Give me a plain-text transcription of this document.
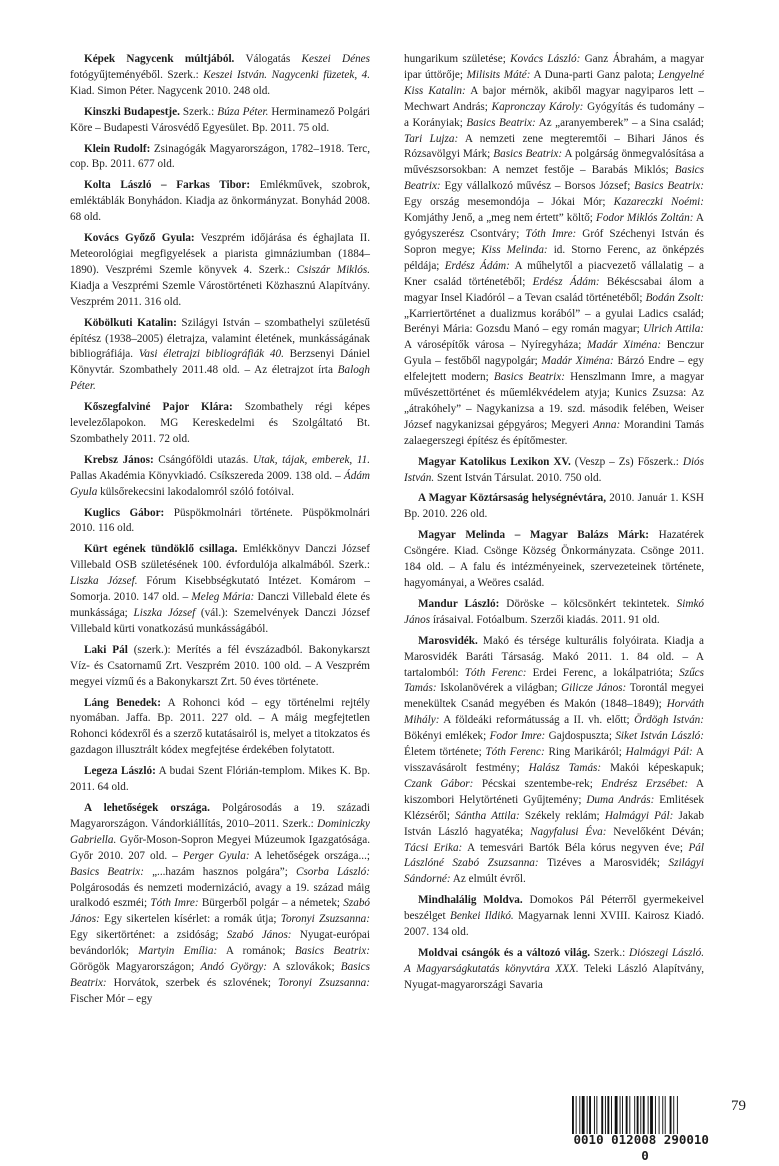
Képek Nagycenk múltjából. Válogatás Keszei Dénes fotógyűjteményéből. Szerk.: Keszei István. Nagycenki füzetek, 4. Kiad. Simon Péter. Nagycenk 2010. 248 old.

Kinszki Budapestje. Szerk.: Búza Péter. Herminamező Polgári Köre – Budapesti Városvédő Egyesület. Bp. 2011. 75 old.

Klein Rudolf: Zsinagógák Magyarországon, 1782–1918. Terc, cop. Bp. 2011. 677 old.

Kolta László – Farkas Tibor: Emlékművek, szobrok, emléktáblák Bonyhádon. Kiadja az önkormányzat. Bonyhád 2008. 68 old.

Kovács Győző Gyula: Veszprém időjárása és éghajlata II. Meteorológiai megfigyelések a piarista gimnáziumban (1884–1890). Veszprémi Szemle könyvek 4. Szerk.: Csiszár Miklós. Kiadja a Veszprémi Szemle Várostörténeti Közhasznú Alapítvány. Veszprém 2011. 316 old.

Köbölkuti Katalin: Szilágyi István – szombathelyi születésű építész (1938–2005) életrajza, valamint életének, munkásságának bibliográfiája. Vasi életrajzi bibliográfiák 40. Berzsenyi Dániel Könyvtár. Szombathely 2011.48 old. – Az életrajzot írta Balogh Péter.

Kőszegfalviné Pajor Klára: Szombathely régi képes levelezőlapokon. MG Kereskedelmi és Szolgáltató Bt. Szombathely 2011. 72 old.

Krebsz János: Csángóföldi utazás. Utak, tájak, emberek, 11. Pallas Akadémia Könyvkiadó. Csíkszereda 2009. 138 old. – Ádám Gyula külsőrekecsini lakodalomról szóló fotóival.

Kuglics Gábor: Püspökmolnári története. Püspökmolnári 2010. 116 old.

Kürt egének tündöklő csillaga. Emlékkönyv Danczi József Villebald OSB születésének 100. évfordulója alkalmából. Szerk.: Liszka József. Fórum Kisebbségkutató Intézet. Komárom – Somorja. 2010. 147 old. – Meleg Mária: Danczi Villebald élete és munkássága; Liszka József (vál.): Szemelvények Danczi József Villebald kürti vonatkozású munkásságából.

Laki Pál (szerk.): Merítés a fél évszázadból. Bakonykarszt Víz- és Csatornamű Zrt. Veszprém 2010. 100 old. – A Veszprém megyei vízmű és a Bakonykarszt Zrt. 50 éves története.

Láng Benedek: A Rohonci kód – egy történelmi rejtély nyomában. Jaffa. Bp. 2011. 227 old. – A máig megfejtetlen Rohonci kódexről és a szerző kutatásairól is, melyet a titokzatos és gazdagon illusztrált kódex megfejtése érdekében folytatott.

Legeza László: A budai Szent Flórián-templom. Mikes K. Bp. 2011. 64 old.

A lehetőségek országa. Polgárosodás a 19. századi Magyarországon. Vándorkiállítás, 2010–2011. Szerk.: Dominiczky Gabriella. Győr-Moson-Sopron Megyei Múzeumok Igazgatósága. Győr 2010. 207 old. – Perger Gyula: A lehetőségek országa...; Basics Beatrix: „...hazám hasznos polgára”; Csorba László: Polgárosodás és nemzeti modernizáció, avagy a 19. század máig uralkodó eszméi; Tóth Imre: Bürgerből polgár – a németek; Szabó János: Egy sikertelen kísérlet: a romák útja; Toronyi Zsuzsanna: Egy sikertörténet: a zsidóság; Szabó János: Nyugat-európai bevándorlók; Martyin Emília: A románok; Basics Beatrix: Görögök Magyarországon; Andó György: A szlovákok; Basics Beatrix: Horvátok, szerbek és szlovének; Toronyi Zsuzsanna: Fischer Mór – egy

hungarikum születése; Kovács László: Ganz Ábrahám, a magyar ipar úttörője; Milisits Máté: A Duna-parti Ganz palota; Lengyelné Kiss Katalin: A bajor mérnök, akiből magyar nagyiparos lett – Mechwart András; Kapronczay Károly: Gyógyítás és tudomány – a Korányiak; Basics Beatrix: Az „aranyemberek” – a Sina család; Tari Lujza: A nemzeti zene megteremtői – Bihari János és Rózsavölgyi Márk; Basics Beatrix: A polgárság önmegvalósítása a művészsorsokban: A nemzet festője – Barabás Miklós; Basics Beatrix: Egy vállalkozó művész – Borsos József; Basics Beatrix: Egy ország mesemondója – Jókai Mór; Kazareczki Noémi: Komjáthy Jenő, a „meg nem értett” költő; Fodor Miklós Zoltán: A gyógyszerész Csontváry; Tóth Imre: Gróf Széchenyi István és Sopron megye; Kiss Melinda: id. Storno Ferenc, az önképzés példája; Erdész Ádám: A műhelytől a piacvezető vállalatig – a Kner család történetéből; Erdész Ádám: Békéscsabai álom a magyar Insel Kiadóról – a Tevan család történetéből; Bodán Zsolt: „Karriertörténet a dualizmus korából” – a gyulai Ladics család; Berényi Mária: Gozsdu Manó – egy román magyar; Ulrich Attila: A városépítők városa – Nyíregyháza; Madár Xiména: Benczur Gyula – festőből nagypolgár; Madár Xiména: Bárzó Endre – egy elfelejtett modern; Basics Beatrix: Henszlmann Imre, a magyar művészettörténet és műemlékvédelem atyja; Kunics Zsuzsa: Az „átrakóhely” – Nagykanizsa a 19. szd. második felében, Weiser József nagykanizsai gépgyáros; Megyeri Anna: Morandini Tamás zalaegerszegi építész és építőmester.

Magyar Katolikus Lexikon XV. (Veszp – Zs) Főszerk.: Diós István. Szent István Társulat. 2010. 750 old.

A Magyar Köztársaság helységnévtára, 2010. Január 1. KSH Bp. 2010. 226 old.

Magyar Melinda – Magyar Balázs Márk: Hazatérek Csöngére. Kiad. Csönge Község Önkormányzata. Csönge 2011. 184 old. – A falu és intézményeinek, szervezeteinek története, hagyományai, a Weöres család.

Mandur László: Döröske – kölcsönkért tekintetek. Simkó János írásaival. Fotóalbum. Szerzői kiadás. 2011. 91 old.

Marosvidék. Makó és térsége kulturális folyóirata. Kiadja a Marosvidék Baráti Társaság. Makó 2011. 1. 84 old. – A tartalomból: Tóth Ferenc: Erdei Ferenc, a lokálpatrióta; Szűcs Tamás: Iskolanövérek a világban; Gilicze János: Torontál megyei menekültek Csanád megyében és Makón (1848–1849); Horváth Mihály: A földeáki reformátusság a II. vh. előtt; Ördögh István: Bökényi emlékek; Fodor Imre: Gajdospuszta; Siket István László: Életem története; Tóth Ferenc: Ring Marikáról; Halmágyi Pál: A visszavásárolt festmény; Halász Tamás: Makói képeskapuk; Czank Gábor: Pécskai szentembe-rek; Endrész Erzsébet: A kiszombori Helytörténeti Gyűjtemény; Duma András: Emlitések Klézséről; Sántha Attila: Székely reklám; Halmágyi Pál: Jakab István László hagyatéka; Nagyfalusi Éva: Nevelőként Déván; Tácsi Erika: A temesvári Bartók Béla kórus negyven éve; Pál Lászlóné Szabó Zsuzsanna: Tizéves a Marosvidék; Szilágyi Sándorné: Az elmúlt évről.

Mindhalálig Moldva. Domokos Pál Péterről gyermekeivel beszélget Benkei Ildikó. Magyarnak lenni XVIII. Kairosz Kiadó. 2007. 134 old.

Moldvai csángók és a változó világ. Szerk.: Diószegi László. A Magyarságkutatás könyvtára XXX. Teleki László Alapítvány, Nyugat-magyarországi Savaria

0010 012008 290010 0
79
